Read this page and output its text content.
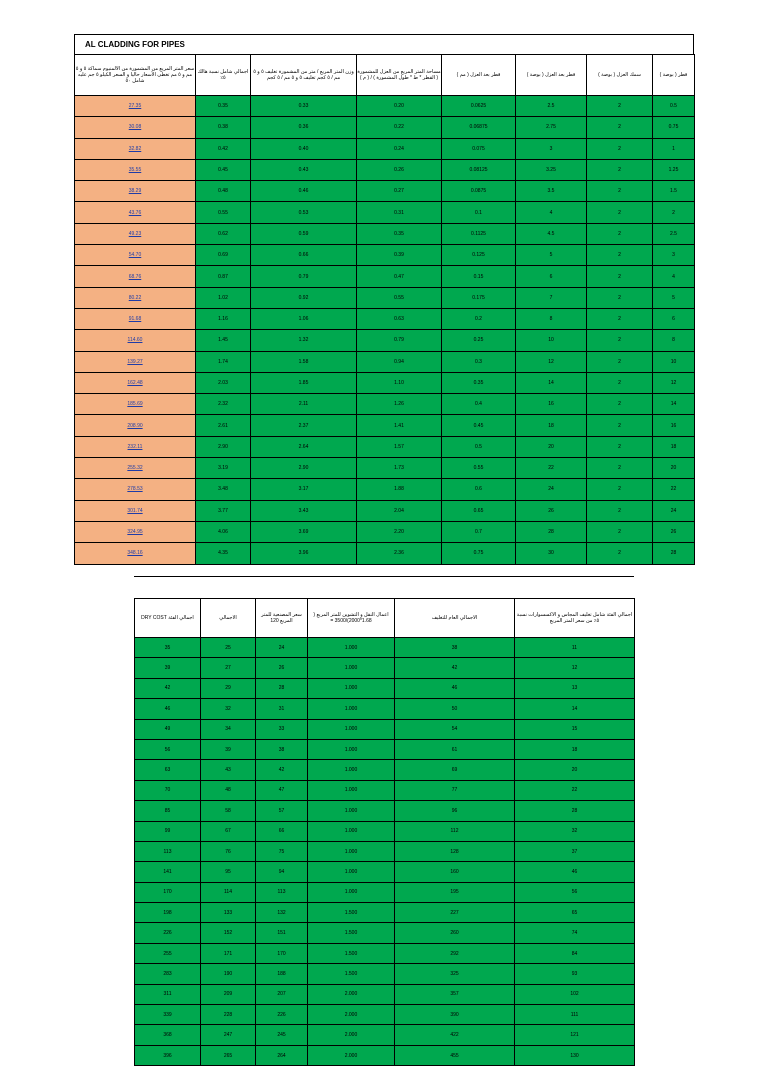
AL CLADDING FOR PIPES
سعر المتر المربع من المشمورة من الالمنيوم سماكة ٥ و ٥ مم و ٥ مم تغطى الأسعار حاليا و السعر الكيلو ٥ جم عليه شامل ٥٠	اجمالي شامل نسبة هالك ٥٪	وزن المتر المربع / متر من المشمورة تغليف ٥ و ٥ مم / ٥ كجم تغليف ٥ و ٥ مم / ٥ كجم	مساحة المتر المربع من العزل للمشمورة ( القطر * ط * طول المشمورة ) / ( م )	قطر بعد العزل ( مم )	قطر بعد العزل ( بوصة )	سمك العزل ( بوصة )	قطر ( بوصة )
27.35	0.35	0.33	0.20	0.0625	2.5	2	0.5
30.08	0.38	0.36	0.22	0.06875	2.75	2	0.75
32.82	0.42	0.40	0.24	0.075	3	2	1
35.55	0.45	0.43	0.26	0.08125	3.25	2	1.25
38.29	0.48	0.46	0.27	0.0875	3.5	2	1.5
43.76	0.55	0.53	0.31	0.1	4	2	2
49.23	0.62	0.59	0.35	0.1125	4.5	2	2.5
54.70	0.69	0.66	0.39	0.125	5	2	3
68.76	0.87	0.79	0.47	0.15	6	2	4
80.22	1.02	0.92	0.55	0.175	7	2	5
91.68	1.16	1.06	0.63	0.2	8	2	6
114.60	1.45	1.32	0.79	0.25	10	2	8
139.27	1.74	1.58	0.94	0.3	12	2	10
162.48	2.03	1.85	1.10	0.35	14	2	12
185.69	2.32	2.11	1.26	0.4	16	2	14
208.90	2.61	2.37	1.41	0.45	18	2	16
232.11	2.90	2.64	1.57	0.5	20	2	18
255.32	3.19	2.90	1.73	0.55	22	2	20
278.53	3.48	3.17	1.88	0.6	24	2	22
301.74	3.77	3.43	2.04	0.65	26	2	24
324.95	4.06	3.69	2.20	0.7	28	2	26
348.16	4.35	3.96	2.36	0.75	30	2	28
اجمالي الفئة DRY COST	الاجمالي	سعر المصنعية للمتر المربع 120	اعمال النقل و التشوين للمتر المربع ( 1.68*2000)/3500 =	الاجمالي العام للتغليف	اجمالي الفئة شامل تغليف المجاس و الاكسسوارات نسبة ٥٪ من سعر المتر المربع
35	25	24	1.000	38	11
39	27	26	1.000	42	12
42	29	28	1.000	46	13
46	32	31	1.000	50	14
49	34	33	1.000	54	15
56	39	38	1.000	61	18
63	43	42	1.000	69	20
70	48	47	1.000	77	22
85	58	57	1.000	96	28
99	67	66	1.000	112	32
113	76	75	1.000	128	37
141	95	94	1.000	160	46
170	114	113	1.000	195	56
198	133	132	1.500	227	65
226	152	151	1.500	260	74
255	171	170	1.500	292	84
283	190	188	1.500	325	93
311	209	207	2.000	357	102
339	228	226	2.000	390	111
368	247	245	2.000	422	121
396	265	264	2.000	455	130
